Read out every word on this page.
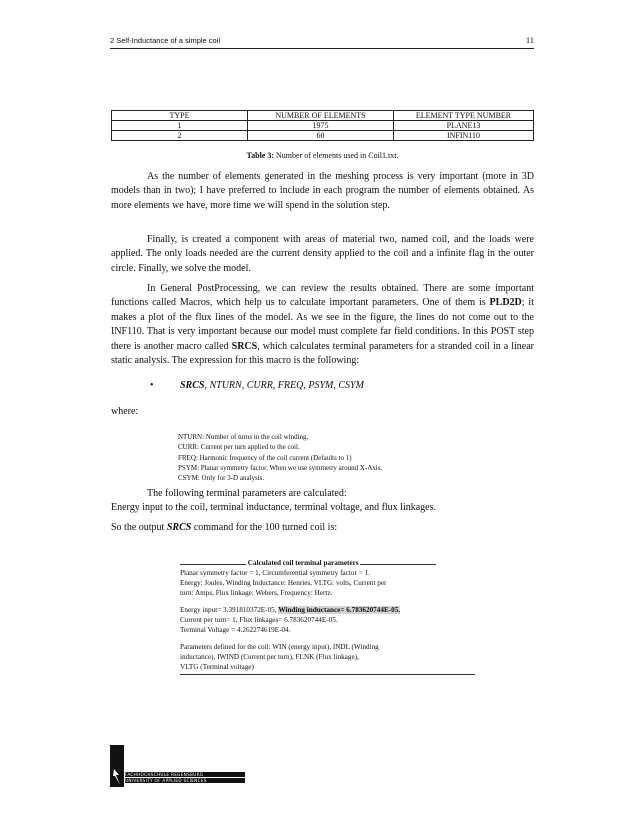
2 Self-Inductance of a simple coil	11
TYPE	NUMBER OF ELEMENTS	ELEMENT TYPE NUMBER
1	1975	PLANE13
2	60	INFIN110
Table 3: Number of elements used in Coil1.txt.

As the number of elements generated in the meshing process is very important (more in 3D models than in two); I have preferred to include in each program the number of elements obtained. As more elements we have, more time we will spend in the solution step.

Finally, is created a component with areas of material two, named coil, and the loads were applied. The only loads needed are the current density applied to the coil and a infinite flag in the outer circle. Finally, we solve the model.

In General PostProcessing, we can review the results obtained. There are some important functions called Macros, which help us to calculate important parameters. One of them is PLD2D; it makes a plot of the flux lines of the model. As we see in the figure, the lines do not come out to the INF110. That is very important because our model must complete far field conditions. In this POST step there is another macro called SRCS, which calculates terminal parameters for a stranded coil in a linear static analysis. The expression for this macro is the following:

•	SRCS, NTURN, CURR, FREQ, PSYM, CSYM
where:
NTURN: Number of turns in the coil winding.
CURR: Current per turn applied to the coil.
FREQ: Harmonic frequency of the coil current (Defaults to 1)
PSYM: Planar symmetry factor. When we use symmetry around X-Axis.
CSYM: Only for 3-D analysis.
The following terminal parameters are calculated:
Energy input to the coil, terminal inductance, terminal voltage, and flux linkages.
So the output SRCS command for the 100 turned coil is:
Calculated coil terminal parameters
Planar symmetry factor = 1, Circumferential symmetry factor = 1.
Energy: Joules, Winding Inductance: Henries, VLTG: volts, Current per
turn: Amps, Flux linkage: Webers, Frequency: Hertz.
Energy input= 3.391810372E-05, Winding inductance= 6.783620744E-05.
Current per turn= 1, Flux linkages= 6.783620744E-05.
Terminal Voltage = 4.262274619E-04.
Parameters defined for the coil: WIN (energy input), INDL (Winding
inductance), IWIND (Current per turn), FLNK (Flux linkage),
VLTG (Terminal voltage)
FACHHOCHSCHULE REGENSBURG
UNIVERSITY OF APPLIED SCIENCES
